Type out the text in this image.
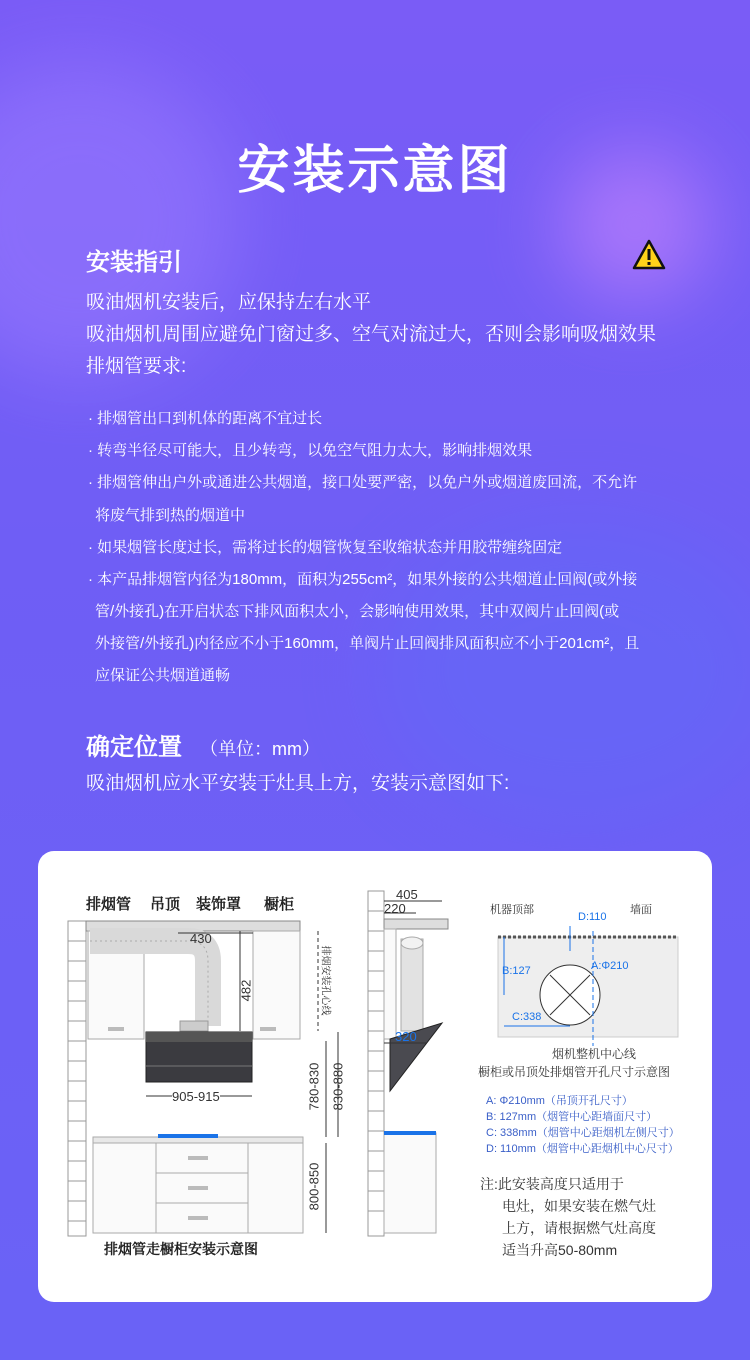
安装示意图
安装指引
吸油烟机安装后，应保持左右水平
吸油烟机周围应避免门窗过多、空气对流过大，否则会影响吸烟效果
排烟管要求:
· 排烟管出口到机体的距离不宜过长
· 转弯半径尽可能大，且少转弯，以免空气阻力太大，影响排烟效果
· 排烟管伸出户外或通进公共烟道，接口处要严密，以免户外或烟道废回流，不允许
将废气排到热的烟道中
· 如果烟管长度过长，需将过长的烟管恢复至收缩状态并用胶带缠绕固定
· 本产品排烟管内径为180mm，面积为255cm²，如果外接的公共烟道止回阀(或外接
管/外接孔)在开启状态下排风面积太小，会影响使用效果，其中双阀片止回阀(或
外接管/外接孔)内径应不小于160mm，单阀片止回阀排风面积应不小于201cm²，且
应保证公共烟道通畅
确定位置 （单位：mm）
吸油烟机应水平安装于灶具上方，安装示意图如下:
排烟管 吊顶 装饰罩 橱柜
430
482
905-915
排烟安装孔心线
780-830 830-880
800-850
排烟管走橱柜安装示意图
405
220
320
机器顶部	墙面
D:110
A:Φ210
B:127
C:338
烟机整机中心线
橱柜或吊顶处排烟管开孔尺寸示意图
A: Φ210mm（吊顶开孔尺寸）
B: 127mm（烟管中心距墙面尺寸）
C: 338mm（烟管中心距烟机左侧尺寸）
D: 110mm（烟管中心距烟机中心尺寸）
注:此安装高度只适用于
电灶，如果安装在燃气灶
上方，请根据燃气灶高度
适当升高50-80mm
